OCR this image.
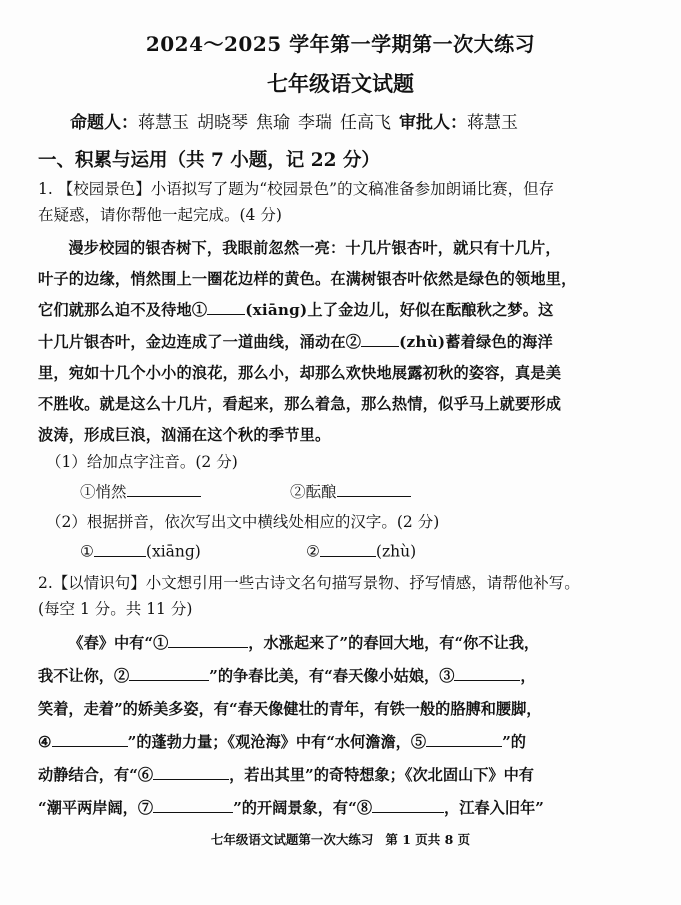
2024～2025 学年第一学期第一次大练习
七年级语文试题
命题人：蒋慧玉 胡晓琴 焦瑜 李瑞 任高飞 审批人：蒋慧玉
一、积累与运用（共 7 小题，记 22 分）
1. 【校园景色】小语拟写了题为“校园景色”的文稿准备参加朗诵比赛，但存
在疑惑，请你帮他一起完成。(4 分)
漫步校园的银杏树下，我眼前忽然一亮：十几片银杏叶，就只有十几片，
叶子的边缘，悄然围上一圈花边样的黄色。在满树银杏叶依然是绿色的领地里，
它们就那么迫不及待地①	(xiānɡ)上了金边儿，好似在酝酿秋之梦。这
十几片银杏叶，金边连成了一道曲线，涌动在②	(zhù)蓄着绿色的海洋
里，宛如十几个小小的浪花，那么小，却那么欢快地展露初秋的姿容，真是美
不胜收。就是这么十几片，看起来，那么着急，那么热情，似乎马上就要形成
波涛，形成巨浪，汹涌在这个秋的季节里。
（1）给加点字注音。(2 分)
①悄然	②酝酿
（2）根据拼音，依次写出文中横线处相应的汉字。(2 分)
①	(xiānɡ)	②	(zhù)
2.【以情识句】小文想引用一些古诗文名句描写景物、抒写情感，请帮他补写。
(每空 1 分。共 11 分)
《春》中有“①	，水涨起来了”的春回大地，有“你不让我，
我不让你，②	”的争春比美，有“春天像小姑娘，③	，
笑着，走着”的娇美多姿，有“春天像健壮的青年，有铁一般的胳膊和腰脚，
④	”的蓬勃力量；《观沧海》中有“水何澹澹，⑤	”的
动静结合，有“⑥	，若出其里”的奇特想象；《次北固山下》中有
“潮平两岸阔，⑦	”的开阔景象，有“⑧	，江春入旧年”
七年级语文试题第一次大练习 第 1 页共 8 页
